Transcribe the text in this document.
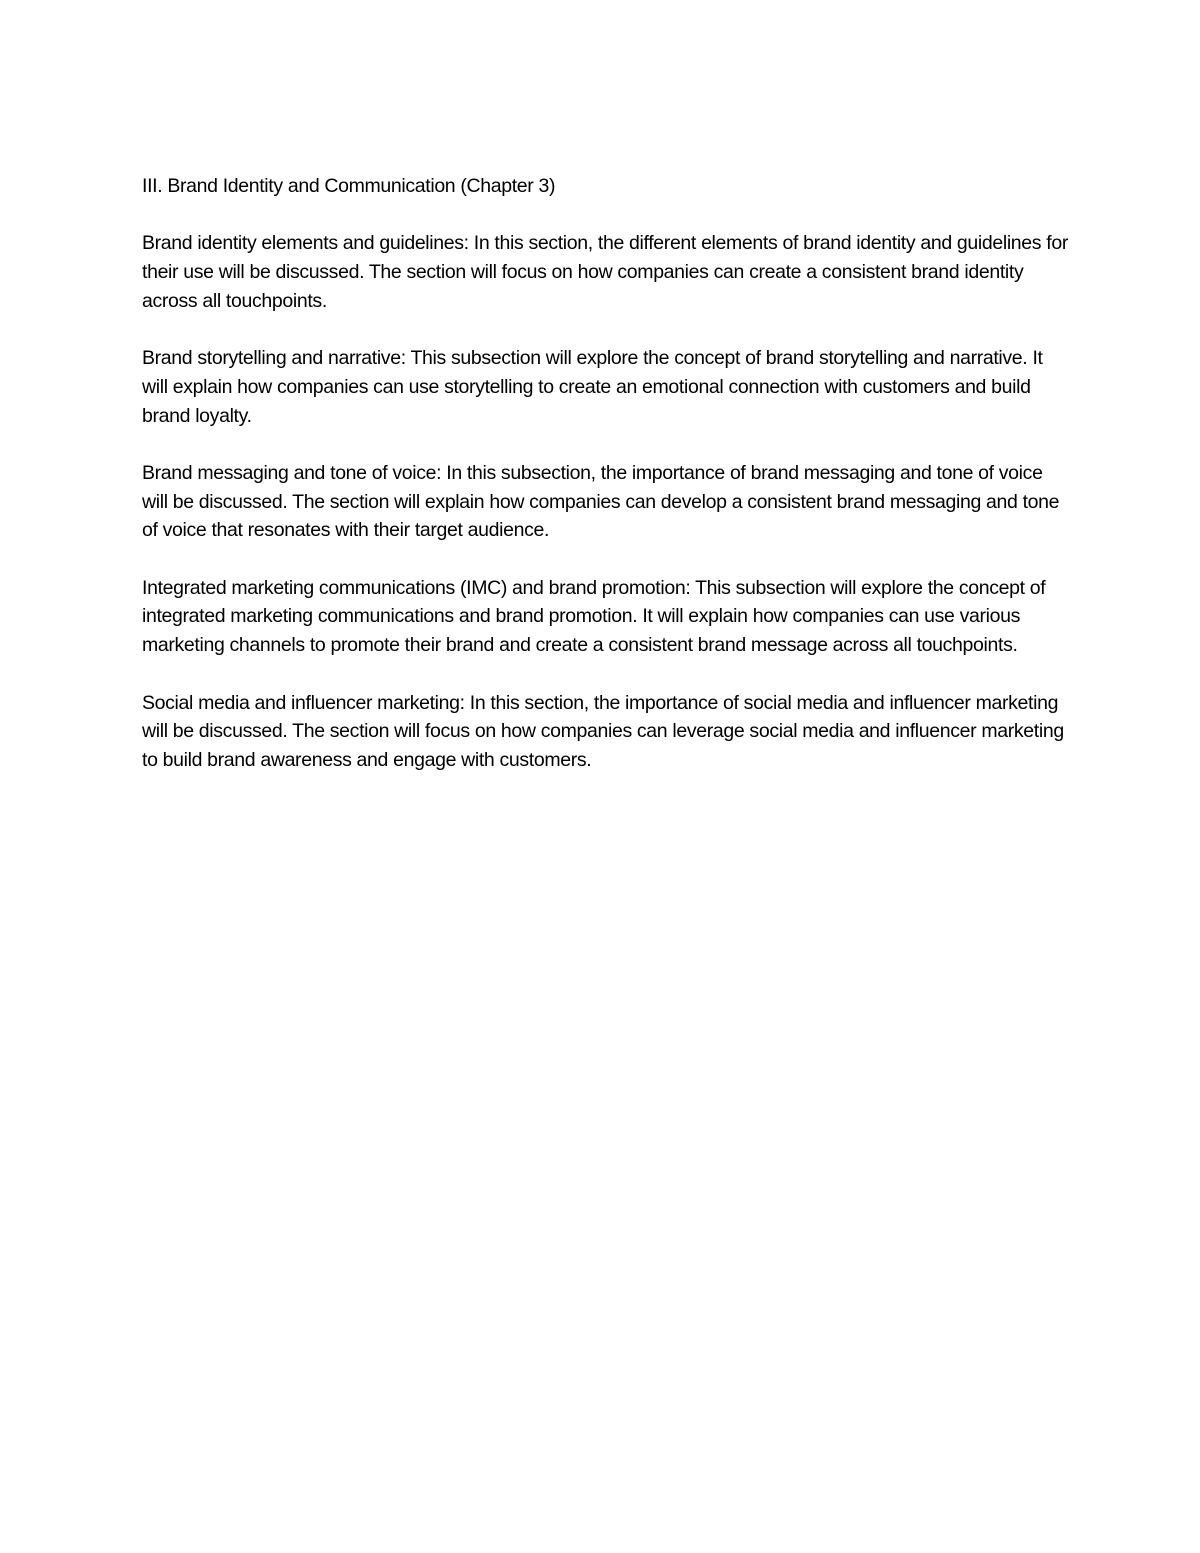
III. Brand Identity and Communication (Chapter 3)

Brand identity elements and guidelines: In this section, the different elements of brand identity and guidelines for their use will be discussed. The section will focus on how companies can create a consistent brand identity across all touchpoints.

Brand storytelling and narrative: This subsection will explore the concept of brand storytelling and narrative. It will explain how companies can use storytelling to create an emotional connection with customers and build brand loyalty.

Brand messaging and tone of voice: In this subsection, the importance of brand messaging and tone of voice will be discussed. The section will explain how companies can develop a consistent brand messaging and tone of voice that resonates with their target audience.

Integrated marketing communications (IMC) and brand promotion: This subsection will explore the concept of integrated marketing communications and brand promotion. It will explain how companies can use various marketing channels to promote their brand and create a consistent brand message across all touchpoints.

Social media and influencer marketing: In this section, the importance of social media and influencer marketing will be discussed. The section will focus on how companies can leverage social media and influencer marketing to build brand awareness and engage with customers.
